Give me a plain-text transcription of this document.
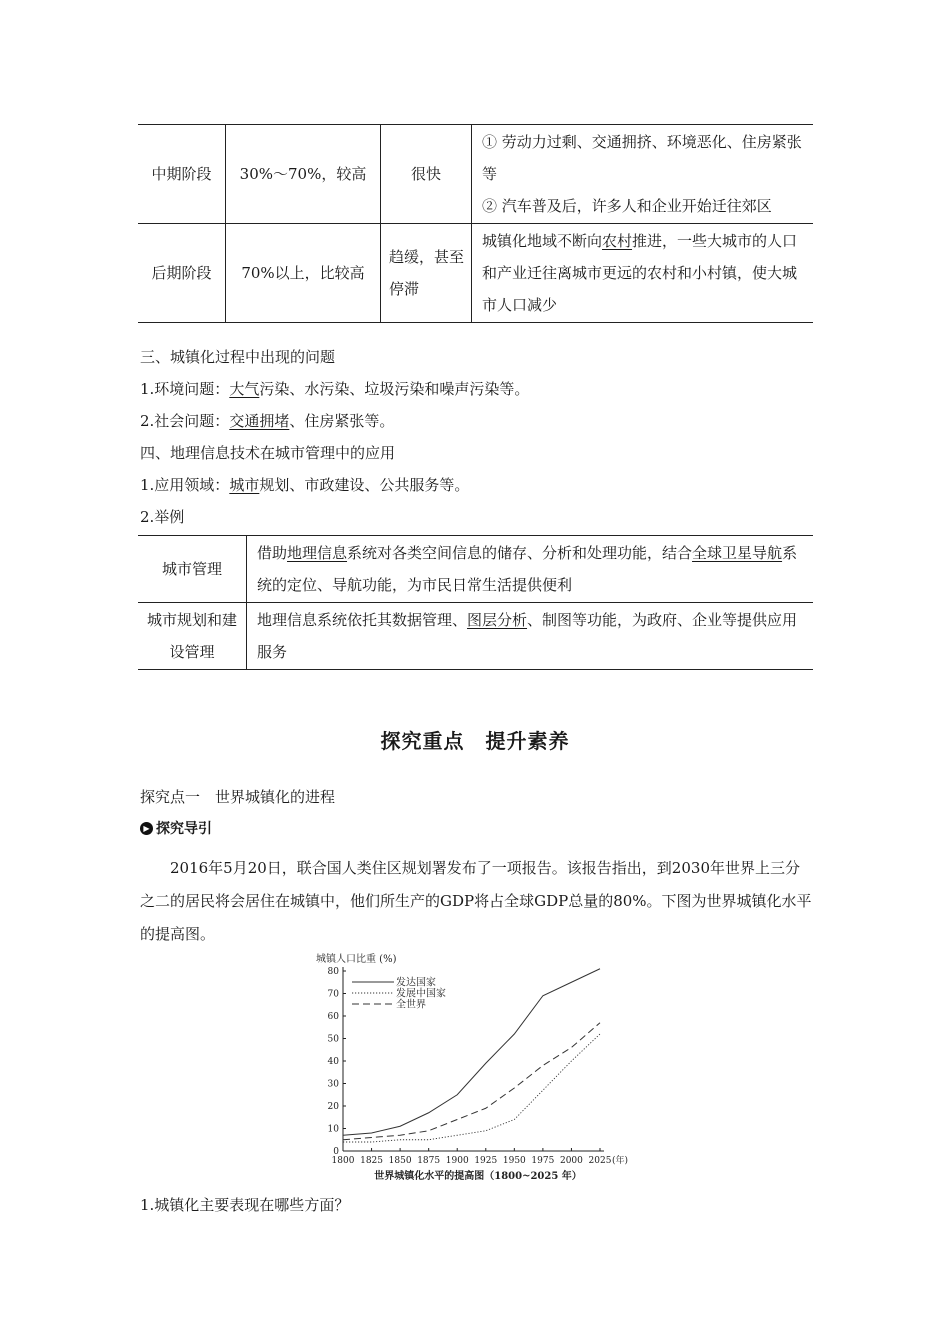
中期阶段	30%～70%，较高	很快	① 劳动力过剩、交通拥挤、环境恶化、住房紧张等
② 汽车普及后，许多人和企业开始迁往郊区

后期阶段	70%以上，比较高	趋缓，甚至停滞	城镇化地域不断向农村推进，一些大城市的人口和产业迁往离城市更远的农村和小村镇，使大城市人口减少
三、城镇化过程中出现的问题
1.环境问题：大气污染、水污染、垃圾污染和噪声污染等。
2.社会问题：交通拥堵、住房紧张等。
四、地理信息技术在城市管理中的应用
1.应用领域：城市规划、市政建设、公共服务等。
2.举例
城市管理	借助地理信息系统对各类空间信息的储存、分析和处理功能，结合全球卫星导航系统的定位、导航功能，为市民日常生活提供便利
城市规划和建设管理	地理信息系统依托其数据管理、图层分析、制图等功能，为政府、企业等提供应用服务
探究重点　提升素养
探究点一　世界城镇化的进程
▶ 探究导引
2016年5月20日，联合国人类住区规划署发布了一项报告。该报告指出，到2030年世界上三分之二的居民将会居住在城镇中，他们所生产的GDP将占全球GDP总量的80%。下图为世界城镇化水平的提高图。
城镇人口比重 (%)
0
10
20
30
40
50
60
70
80
1800 1825 1850 1875 1900 1925 1950 1975 2000 2025 (年)
发达国家
发展中国家
全世界
世界城镇化水平的提高图（1800~2025 年）
1.城镇化主要表现在哪些方面？
